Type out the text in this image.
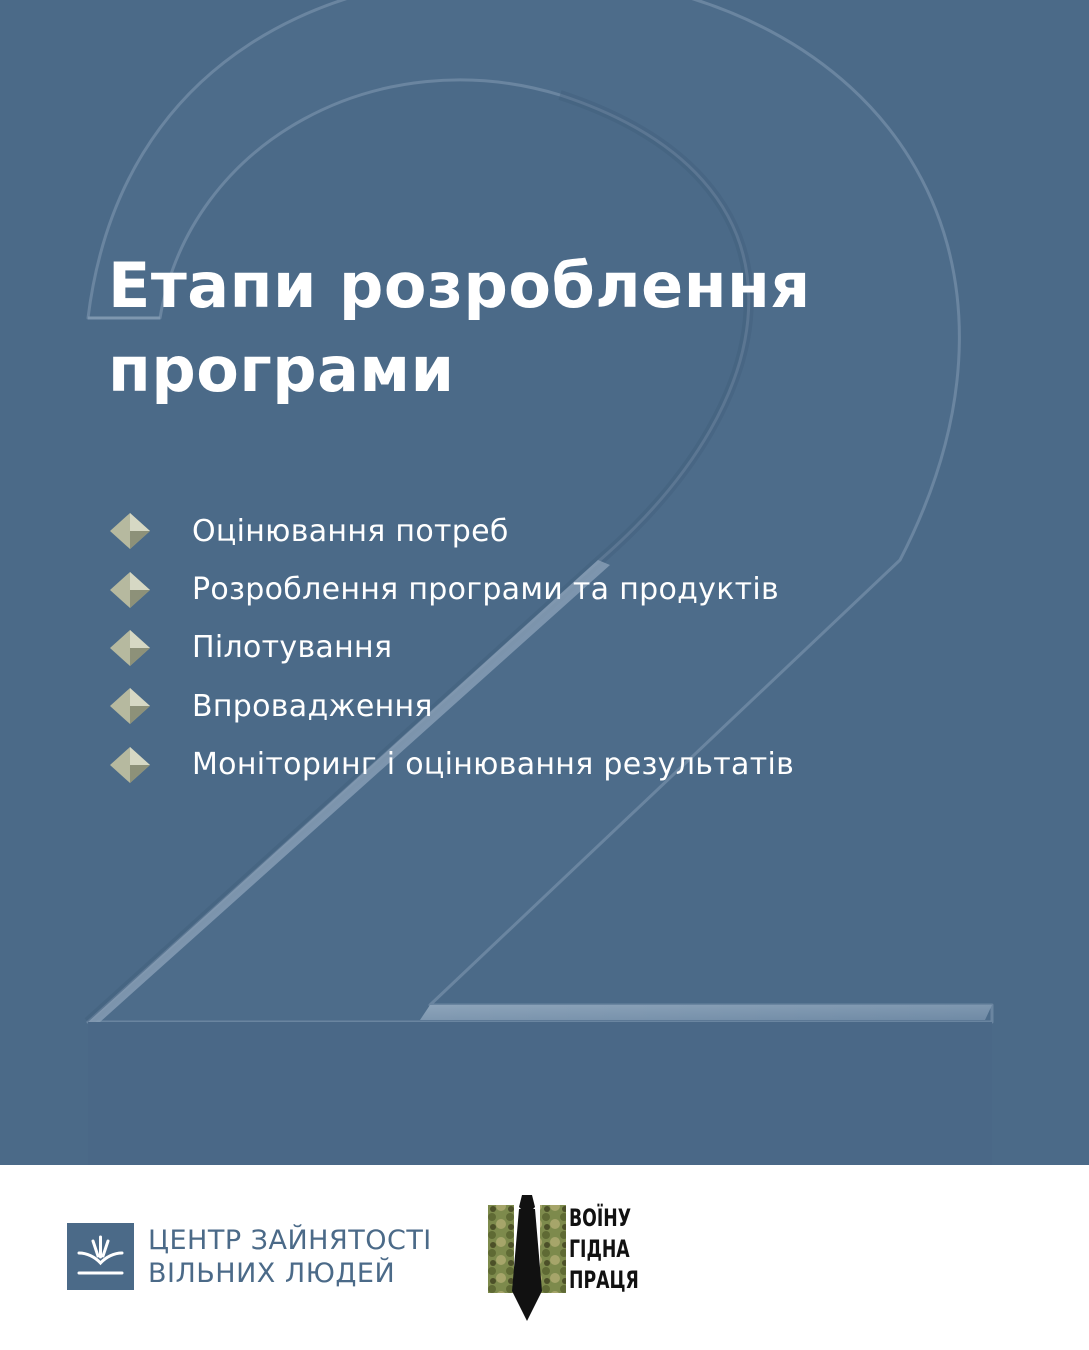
Етапи розроблення
програми
Оцінювання потреб
Розроблення програми та продуктів
Пілотування
Впровадження
Моніторинг і оцінювання результатів
ЦЕНТР ЗАЙНЯТОСТІ
ВІЛЬНИХ ЛЮДЕЙ
ВОЇНУ
ГІДНА
ПРАЦЯ
